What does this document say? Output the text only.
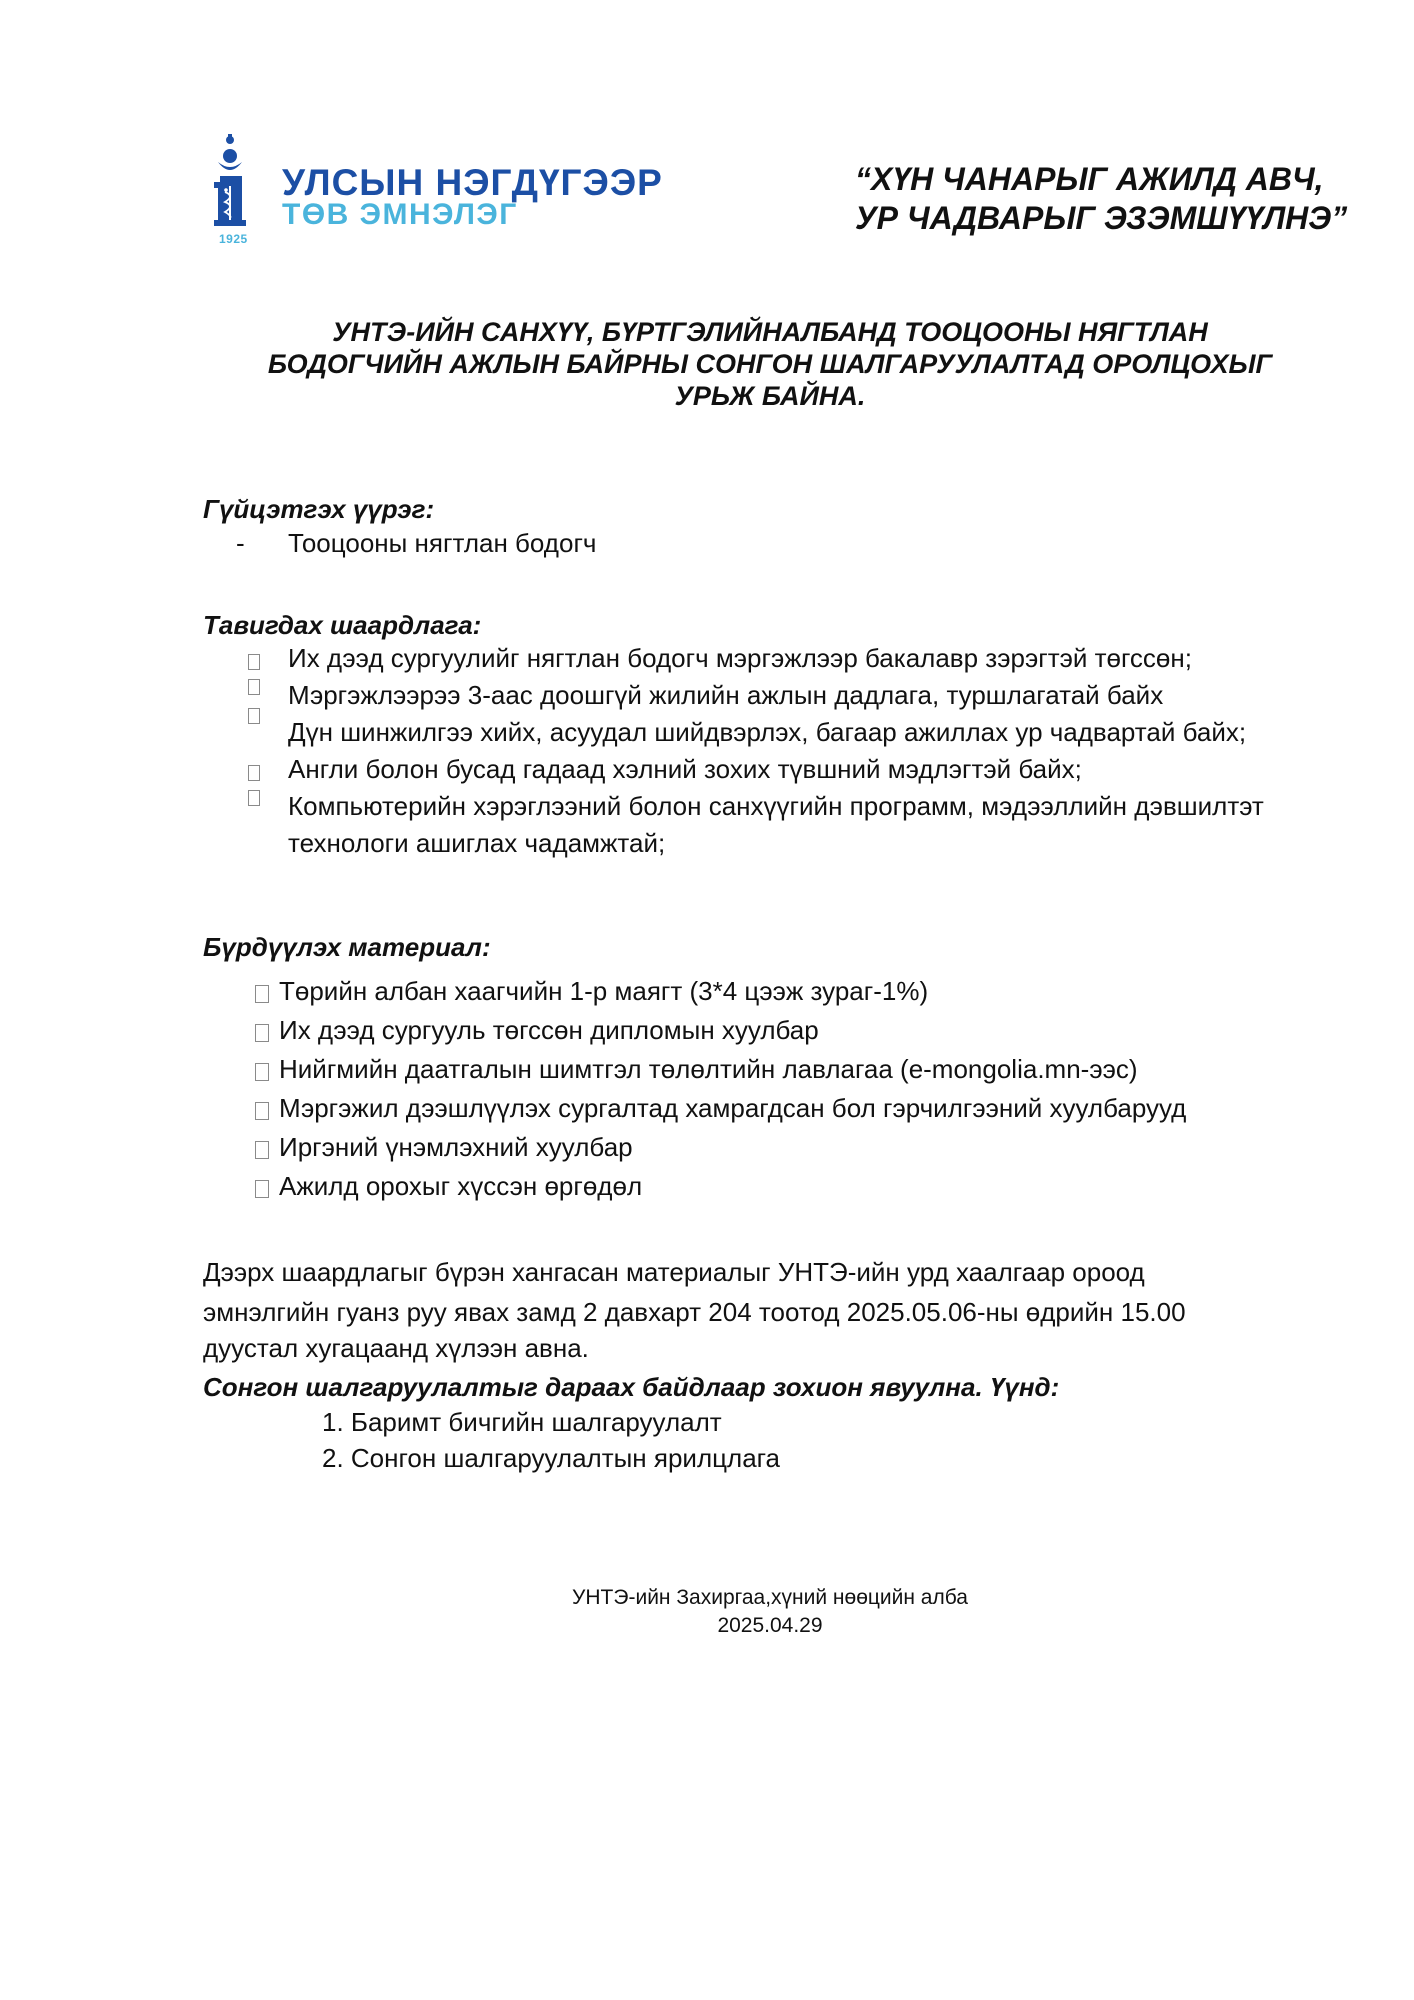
1925
УЛСЫН НЭГДҮГЭЭР
ТӨВ ЭМНЭЛЭГ
“ХҮН ЧАНАРЫГ АЖИЛД АВЧ,
УР ЧАДВАРЫГ ЭЗЭМШҮҮЛНЭ”
УНТЭ-ИЙН САНХҮҮ, БҮРТГЭЛИЙНАЛБАНД ТООЦООНЫ НЯГТЛАН
БОДОГЧИЙН АЖЛЫН БАЙРНЫ СОНГОН ШАЛГАРУУЛАЛТАД ОРОЛЦОХЫГ
УРЬЖ БАЙНА.
Гүйцэтгэх үүрэг:
- Тооцооны нягтлан бодогч
Тавигдах шаардлага:
Их дээд сургуулийг нягтлан бодогч мэргэжлээр бакалавр зэрэгтэй төгссөн;
Мэргэжлээрээ 3-аас доошгүй жилийн ажлын дадлага, туршлагатай байх
Дүн шинжилгээ хийх, асуудал шийдвэрлэх, багаар ажиллах ур чадвартай байх;
Англи болон бусад гадаад хэлний зохих түвшний мэдлэгтэй байх;
Компьютерийн хэрэглээний болон санхүүгийн программ, мэдээллийн дэвшилтэт технологи ашиглах чадамжтай;
Бүрдүүлэх материал:
Төрийн албан хаагчийн 1-р маягт (3*4 цээж зураг-1%)
Их дээд сургууль төгссөн дипломын хуулбар
Нийгмийн даатгалын шимтгэл төлөлтийн лавлагаа (e-mongolia.mn-ээс)
Мэргэжил дээшлүүлэх сургалтад хамрагдсан бол гэрчилгээний хуулбарууд
Иргэний үнэмлэхний хуулбар
Ажилд орохыг хүссэн өргөдөл
Дээрх шаардлагыг бүрэн хангасан материалыг УНТЭ-ийн урд хаалгаар ороод
эмнэлгийн гуанз руу явах замд 2 давхарт 204 тоотод 2025.05.06-ны өдрийн 15.00
дуустал хугацаанд хүлээн авна.
Сонгон шалгаруулалтыг дараах байдлаар зохион явуулна. Үүнд:
1. Баримт бичгийн шалгаруулалт
2. Сонгон шалгаруулалтын ярилцлага
УНТЭ-ийн Захиргаа,хүний нөөцийн алба
2025.04.29
